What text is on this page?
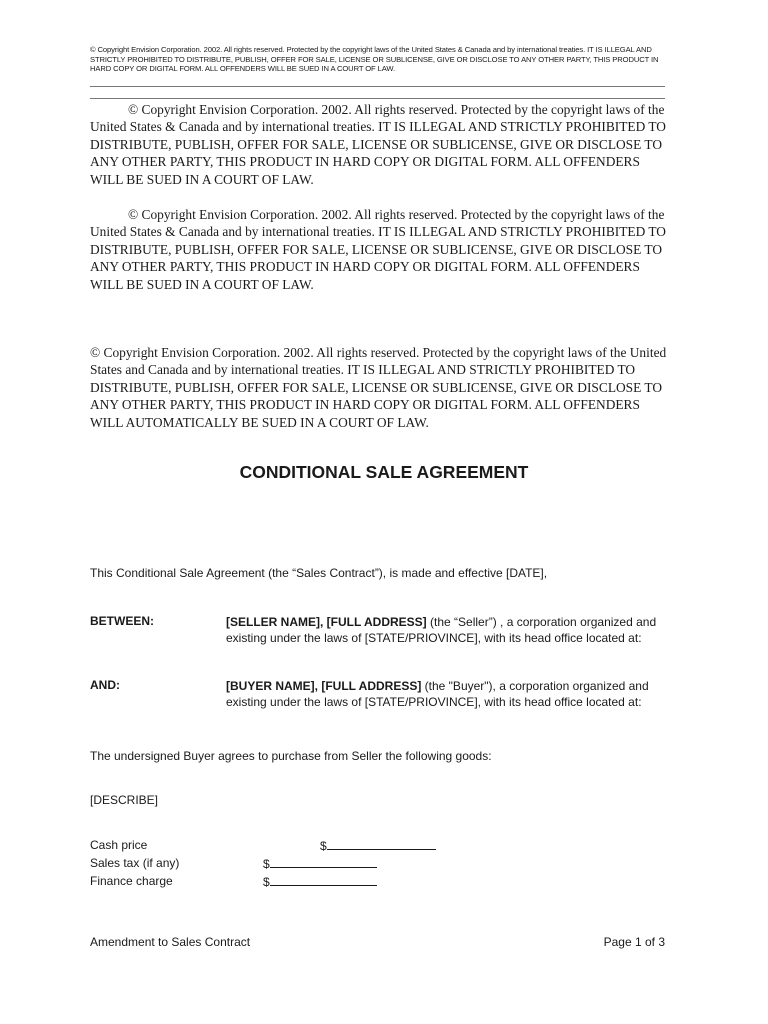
© Copyright Envision Corporation. 2002. All rights reserved. Protected by the copyright laws of the United States & Canada and by international treaties. IT IS ILLEGAL AND STRICTLY PROHIBITED TO DISTRIBUTE, PUBLISH, OFFER FOR SALE, LICENSE OR SUBLICENSE, GIVE OR DISCLOSE TO ANY OTHER PARTY, THIS PRODUCT IN HARD COPY OR DIGITAL FORM. ALL OFFENDERS WILL BE SUED IN A COURT OF LAW.
© Copyright Envision Corporation. 2002. All rights reserved. Protected by the copyright laws of the United States & Canada and by international treaties. IT IS ILLEGAL AND STRICTLY PROHIBITED TO DISTRIBUTE, PUBLISH, OFFER FOR SALE, LICENSE OR SUBLICENSE, GIVE OR DISCLOSE TO ANY OTHER PARTY, THIS PRODUCT IN HARD COPY OR DIGITAL FORM. ALL OFFENDERS WILL BE SUED IN A COURT OF LAW.
© Copyright Envision Corporation. 2002. All rights reserved. Protected by the copyright laws of the United States & Canada and by international treaties. IT IS ILLEGAL AND STRICTLY PROHIBITED TO DISTRIBUTE, PUBLISH, OFFER FOR SALE, LICENSE OR SUBLICENSE, GIVE OR DISCLOSE TO ANY OTHER PARTY, THIS PRODUCT IN HARD COPY OR DIGITAL FORM. ALL OFFENDERS WILL BE SUED IN A COURT OF LAW.
© Copyright Envision Corporation. 2002. All rights reserved. Protected by the copyright laws of the United States and Canada and by international treaties. IT IS ILLEGAL AND STRICTLY PROHIBITED TO DISTRIBUTE, PUBLISH, OFFER FOR SALE, LICENSE OR SUBLICENSE, GIVE OR DISCLOSE TO ANY OTHER PARTY, THIS PRODUCT IN HARD COPY OR DIGITAL FORM. ALL OFFENDERS WILL AUTOMATICALLY BE SUED IN A COURT OF LAW.
CONDITIONAL SALE AGREEMENT
This Conditional Sale Agreement (the “Sales Contract”), is made and effective [DATE],
BETWEEN:	[SELLER NAME], [FULL ADDRESS] (the “Seller”) , a corporation organized and existing under the laws of [STATE/PRIOVINCE], with its head office located at:
AND:	[BUYER NAME], [FULL ADDRESS] (the "Buyer"), a corporation organized and existing under the laws of [STATE/PRIOVINCE], with its head office located at:
The undersigned Buyer agrees to purchase from Seller the following goods:
[DESCRIBE]
Cash price	$
Sales tax (if any)	$
Finance charge	$
Amendment to Sales Contract	Page 1 of 3
